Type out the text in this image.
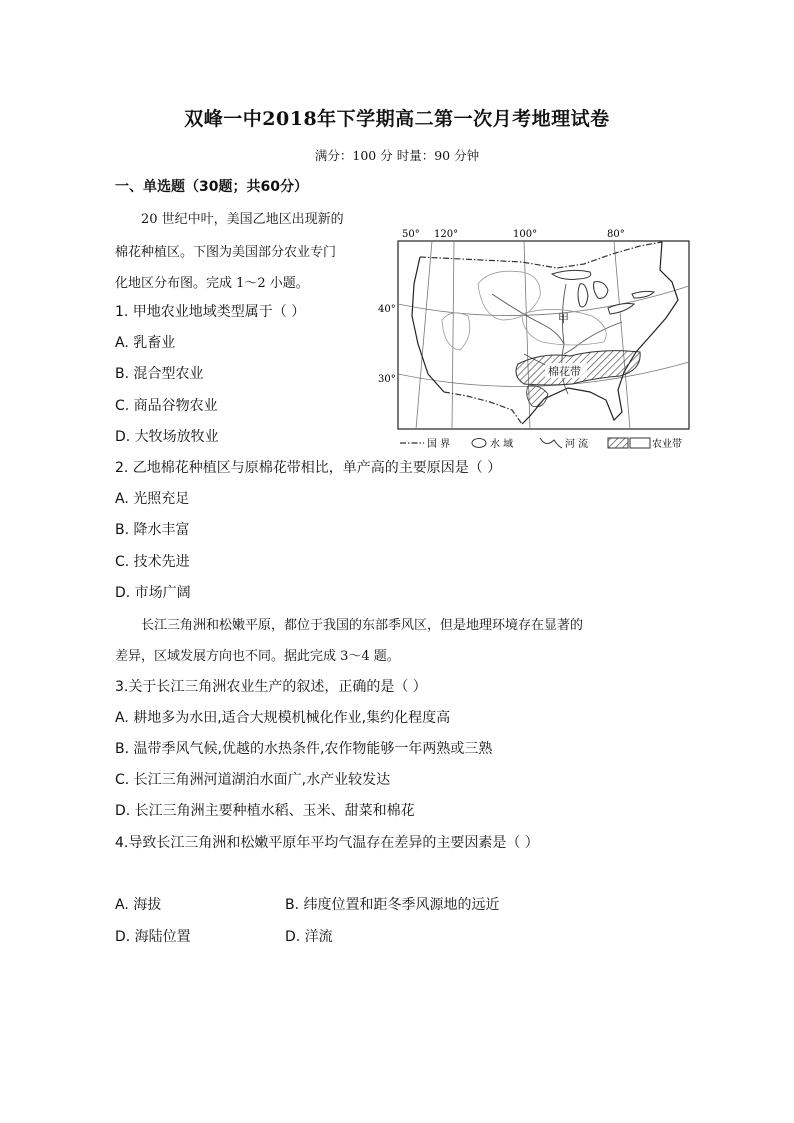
双峰一中2018年下学期高二第一次月考地理试卷
满分：100 分 时量：90 分钟
一、单选题（30题；共60分）
20 世纪中叶，美国乙地区出现新的
棉花种植区。下图为美国部分农业专门
化地区分布图。完成 1～2 小题。
1. 甲地农业地域类型属于（ ）
A. 乳畜业
B. 混合型农业
C. 商品谷物农业
D. 大牧场放牧业
2. 乙地棉花种植区与原棉花带相比，单产高的主要原因是（ ）
A. 光照充足
B. 降水丰富
C. 技术先进
D. 市场广阔
长江三角洲和松嫩平原，都位于我国的东部季风区，但是地理环境存在显著的
差异，区域发展方向也不同。据此完成 3～4 题。
3.关于长江三角洲农业生产的叙述，正确的是（ ）
A. 耕地多为水田,适合大规模机械化作业,集约化程度高
B. 温带季风气候,优越的水热条件,农作物能够一年两熟或三熟
C. 长江三角洲河道湖泊水面广,水产业较发达
D. 长江三角洲主要种植水稻、玉米、甜菜和棉花
4.导致长江三角洲和松嫩平原年平均气温存在差异的主要因素是（ ）
A. 海拔	B. 纬度位置和距冬季风源地的远近
D. 海陆位置	D. 洋流
50° 120°	100°	80°
40°
30°
甲
棉花带
国 界	水 域	河 流	农业带
